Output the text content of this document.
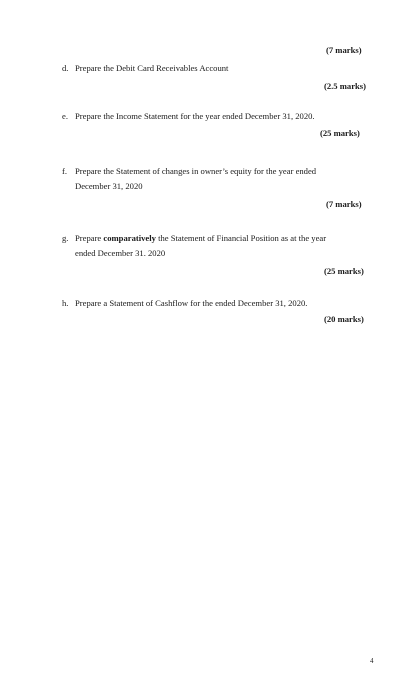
(7 marks)
d. Prepare the Debit Card Receivables Account
(2.5 marks)
e. Prepare the Income Statement for the year ended December 31, 2020.
(25 marks)
f. Prepare the Statement of changes in owner’s equity for the year ended
December 31, 2020
(7 marks)
g. Prepare comparatively the Statement of Financial Position as at the year
ended December 31. 2020
(25 marks)
h. Prepare a Statement of Cashflow for the ended December 31, 2020.
(20 marks)
4
